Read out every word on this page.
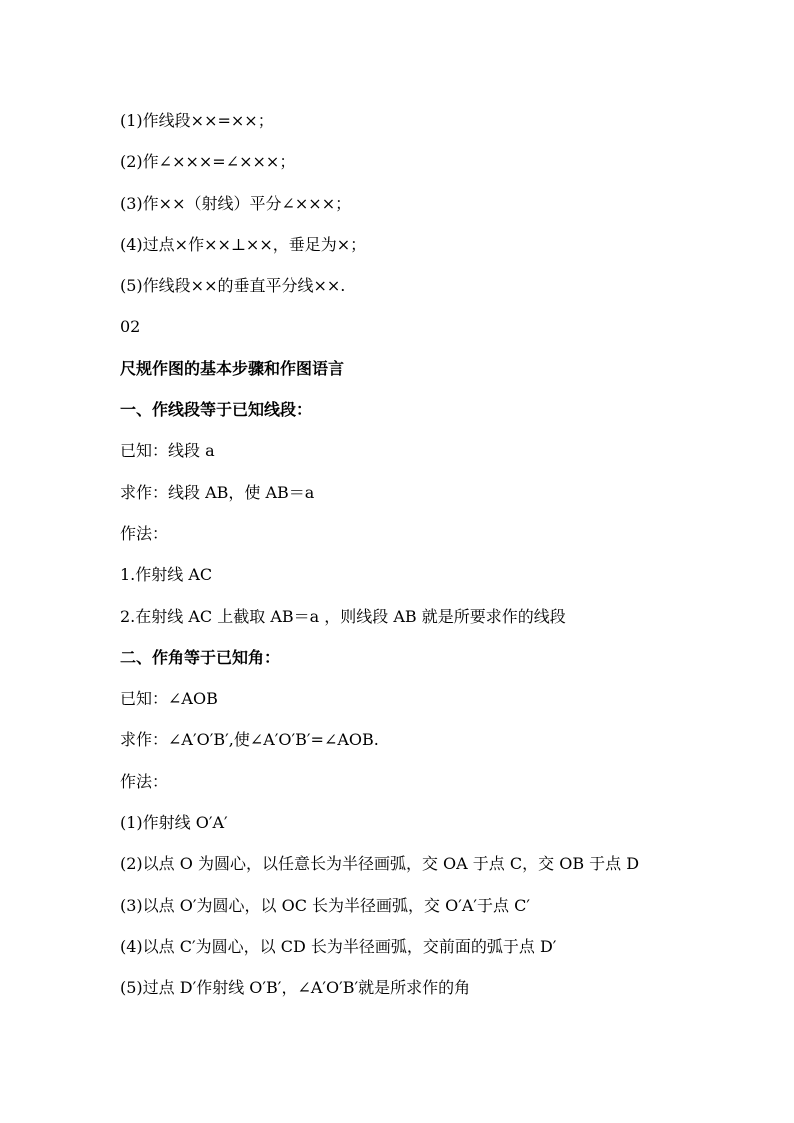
(1)作线段××=××；
(2)作∠×××=∠×××；
(3)作××（射线）平分∠×××；
(4)过点×作××⊥××，垂足为×；
(5)作线段××的垂直平分线××.
02
尺规作图的基本步骤和作图语言
一、作线段等于已知线段：
已知：线段 a
求作：线段 AB，使 AB＝a
作法：
1.作射线 AC
2.在射线 AC 上截取 AB＝a ，则线段 AB 就是所要求作的线段
二、作角等于已知角：
已知：∠AOB
求作：∠A′O′B′,使∠A′O′B′=∠AOB.
作法：
(1)作射线 O′A′
(2)以点 O 为圆心，以任意长为半径画弧，交 OA 于点 C，交 OB 于点 D
(3)以点 O′为圆心，以 OC 长为半径画弧，交 O′A′于点 C′
(4)以点 C′为圆心，以 CD 长为半径画弧，交前面的弧于点 D′
(5)过点 D′作射线 O′B′，∠A′O′B′就是所求作的角
